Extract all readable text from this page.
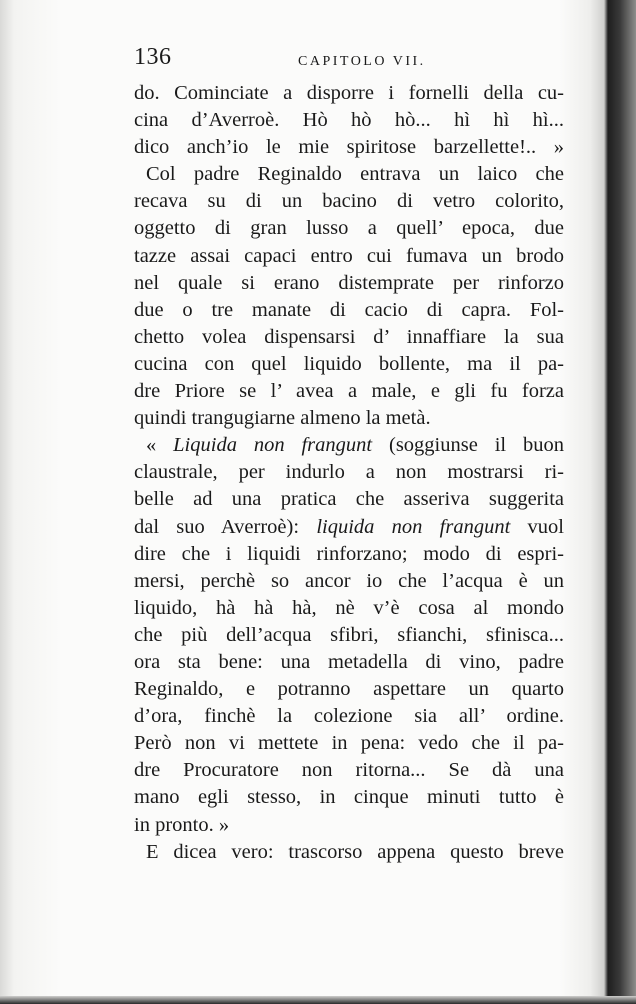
136	CAPITOLO VII.
do. Cominciate a disporre i fornelli della cu-
cina d’Averroè. Hò hò hò... hì hì hì...
dico anch’io le mie spiritose barzellette!.. »
Col padre Reginaldo entrava un laico che
recava su di un bacino di vetro colorito,
oggetto di gran lusso a quell’ epoca, due
tazze assai capaci entro cui fumava un brodo
nel quale si erano distemprate per rinforzo
due o tre manate di cacio di capra. Fol-
chetto volea dispensarsi d’ innaffiare la sua
cucina con quel liquido bollente, ma il pa-
dre Priore se l’ avea a male, e gli fu forza
quindi trangugiarne almeno la metà.
« Liquida non frangunt (soggiunse il buon
claustrale, per indurlo a non mostrarsi ri-
belle ad una pratica che asseriva suggerita
dal suo Averroè): liquida non frangunt vuol
dire che i liquidi rinforzano; modo di espri-
mersi, perchè so ancor io che l’acqua è un
liquido, hà hà hà, nè v’è cosa al mondo
che più dell’acqua sfibri, sfianchi, sfinisca...
ora sta bene: una metadella di vino, padre
Reginaldo, e potranno aspettare un quarto
d’ora, finchè la colezione sia all’ ordine.
Però non vi mettete in pena: vedo che il pa-
dre Procuratore non ritorna... Se dà una
mano egli stesso, in cinque minuti tutto è
in pronto. »
E dicea vero: trascorso appena questo breve
